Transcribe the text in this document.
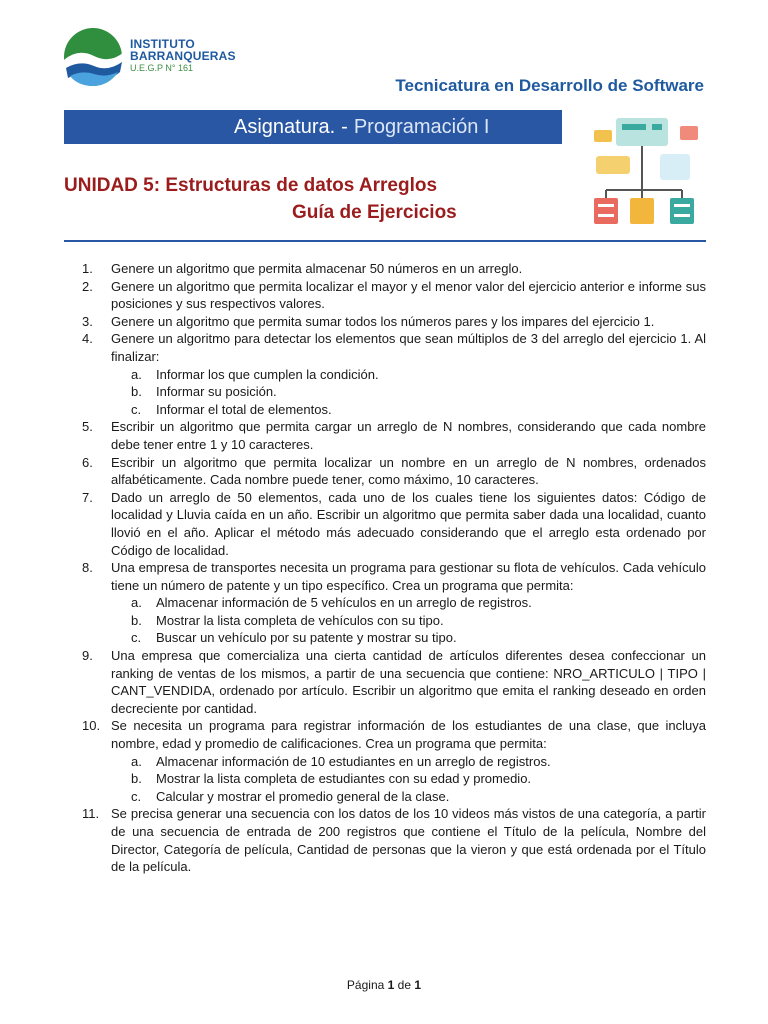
INSTITUTO
BARRANQUERAS
U.E.G.P N° 161
Tecnicatura en Desarrollo de Software
Asignatura. - Programación I
UNIDAD 5: Estructuras de datos Arreglos
Guía de Ejercicios
1.	Genere un algoritmo que permita almacenar 50 números en un arreglo.
2.	Genere un algoritmo que permita localizar el mayor y el menor valor del ejercicio anterior e informe sus posiciones y sus respectivos valores.
3.	Genere un algoritmo que permita sumar todos los números pares y los impares del ejercicio 1.
4.	Genere un algoritmo para detectar los elementos que sean múltiplos de 3 del arreglo del ejercicio 1. Al finalizar:
a.	Informar los que cumplen la condición.
b.	Informar su posición.
c.	Informar el total de elementos.
5.	Escribir un algoritmo que permita cargar un arreglo de N nombres, considerando que cada nombre debe tener entre 1 y 10 caracteres.
6.	Escribir un algoritmo que permita localizar un nombre en un arreglo de N nombres, ordenados alfabéticamente. Cada nombre puede tener, como máximo, 10 caracteres.
7.	Dado un arreglo de 50 elementos, cada uno de los cuales tiene los siguientes datos: Código de localidad y Lluvia caída en un año. Escribir un algoritmo que permita saber dada una localidad, cuanto llovió en el año. Aplicar el método más adecuado considerando que el arreglo esta ordenado por Código de localidad.
8.	Una empresa de transportes necesita un programa para gestionar su flota de vehículos. Cada vehículo tiene un número de patente y un tipo específico. Crea un programa que permita:
a.	Almacenar información de 5 vehículos en un arreglo de registros.
b.	Mostrar la lista completa de vehículos con su tipo.
c.	Buscar un vehículo por su patente y mostrar su tipo.
9.	Una empresa que comercializa una cierta cantidad de artículos diferentes desea confeccionar un ranking de ventas de los mismos, a partir de una secuencia que contiene: NRO_ARTICULO | TIPO | CANT_VENDIDA, ordenado por artículo. Escribir un algoritmo que emita el ranking deseado en orden decreciente por cantidad.
10. Se necesita un programa para registrar información de los estudiantes de una clase, que incluya nombre, edad y promedio de calificaciones. Crea un programa que permita:
a.	Almacenar información de 10 estudiantes en un arreglo de registros.
b.	Mostrar la lista completa de estudiantes con su edad y promedio.
c.	Calcular y mostrar el promedio general de la clase.
11. Se precisa generar una secuencia con los datos de los 10 videos más vistos de una categoría, a partir de una secuencia de entrada de 200 registros que contiene el Título de la película, Nombre del Director, Categoría de película, Cantidad de personas que la vieron y que está ordenada por el Título de la película.
Página 1 de 1
